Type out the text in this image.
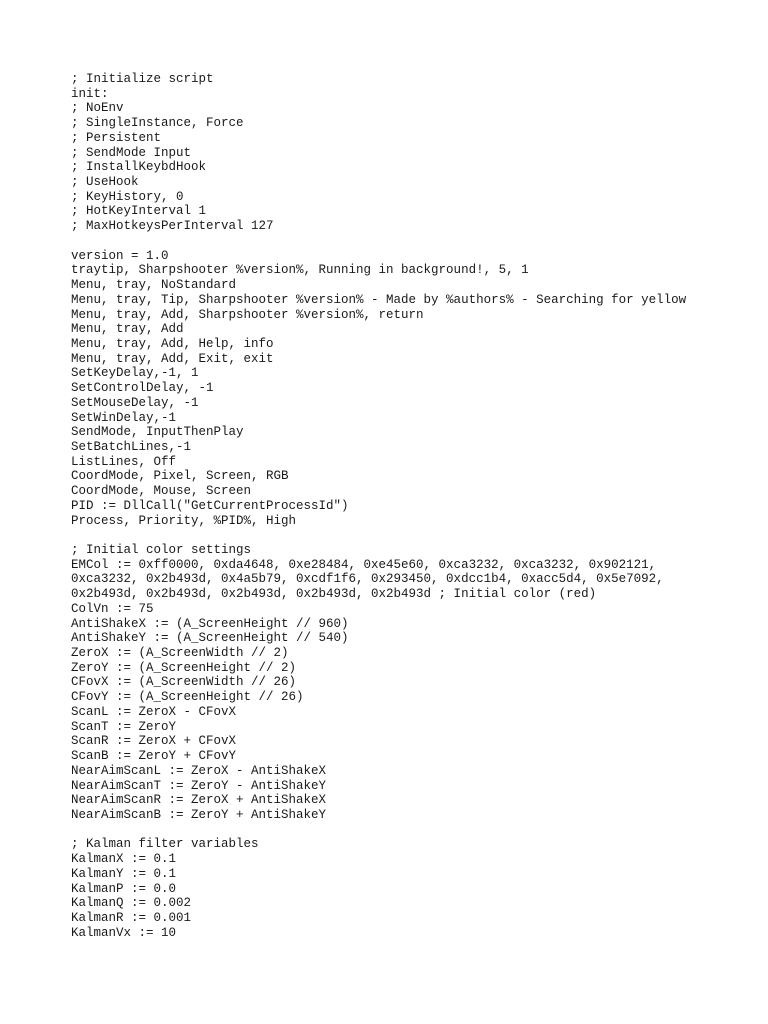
; Initialize script
init:
; NoEnv
; SingleInstance, Force
; Persistent
; SendMode Input
; InstallKeybdHook
; UseHook
; KeyHistory, 0
; HotKeyInterval 1
; MaxHotkeysPerInterval 127
version = 1.0
traytip, Sharpshooter %version%, Running in background!, 5, 1
Menu, tray, NoStandard
Menu, tray, Tip, Sharpshooter %version% - Made by %authors% - Searching for yellow
Menu, tray, Add, Sharpshooter %version%, return
Menu, tray, Add
Menu, tray, Add, Help, info
Menu, tray, Add, Exit, exit
SetKeyDelay,-1, 1
SetControlDelay, -1
SetMouseDelay, -1
SetWinDelay,-1
SendMode, InputThenPlay
SetBatchLines,-1
ListLines, Off
CoordMode, Pixel, Screen, RGB
CoordMode, Mouse, Screen
PID := DllCall("GetCurrentProcessId")
Process, Priority, %PID%, High
; Initial color settings
EMCol := 0xff0000, 0xda4648, 0xe28484, 0xe45e60, 0xca3232, 0xca3232, 0x902121,
0xca3232, 0x2b493d, 0x4a5b79, 0xcdf1f6, 0x293450, 0xdcc1b4, 0xacc5d4, 0x5e7092,
0x2b493d, 0x2b493d, 0x2b493d, 0x2b493d, 0x2b493d ; Initial color (red)
ColVn := 75
AntiShakeX := (A_ScreenHeight // 960)
AntiShakeY := (A_ScreenHeight // 540)
ZeroX := (A_ScreenWidth // 2)
ZeroY := (A_ScreenHeight // 2)
CFovX := (A_ScreenWidth // 26)
CFovY := (A_ScreenHeight // 26)
ScanL := ZeroX - CFovX
ScanT := ZeroY
ScanR := ZeroX + CFovX
ScanB := ZeroY + CFovY
NearAimScanL := ZeroX - AntiShakeX
NearAimScanT := ZeroY - AntiShakeY
NearAimScanR := ZeroX + AntiShakeX
NearAimScanB := ZeroY + AntiShakeY
; Kalman filter variables
KalmanX := 0.1
KalmanY := 0.1
KalmanP := 0.0
KalmanQ := 0.002
KalmanR := 0.001
KalmanVx := 10
